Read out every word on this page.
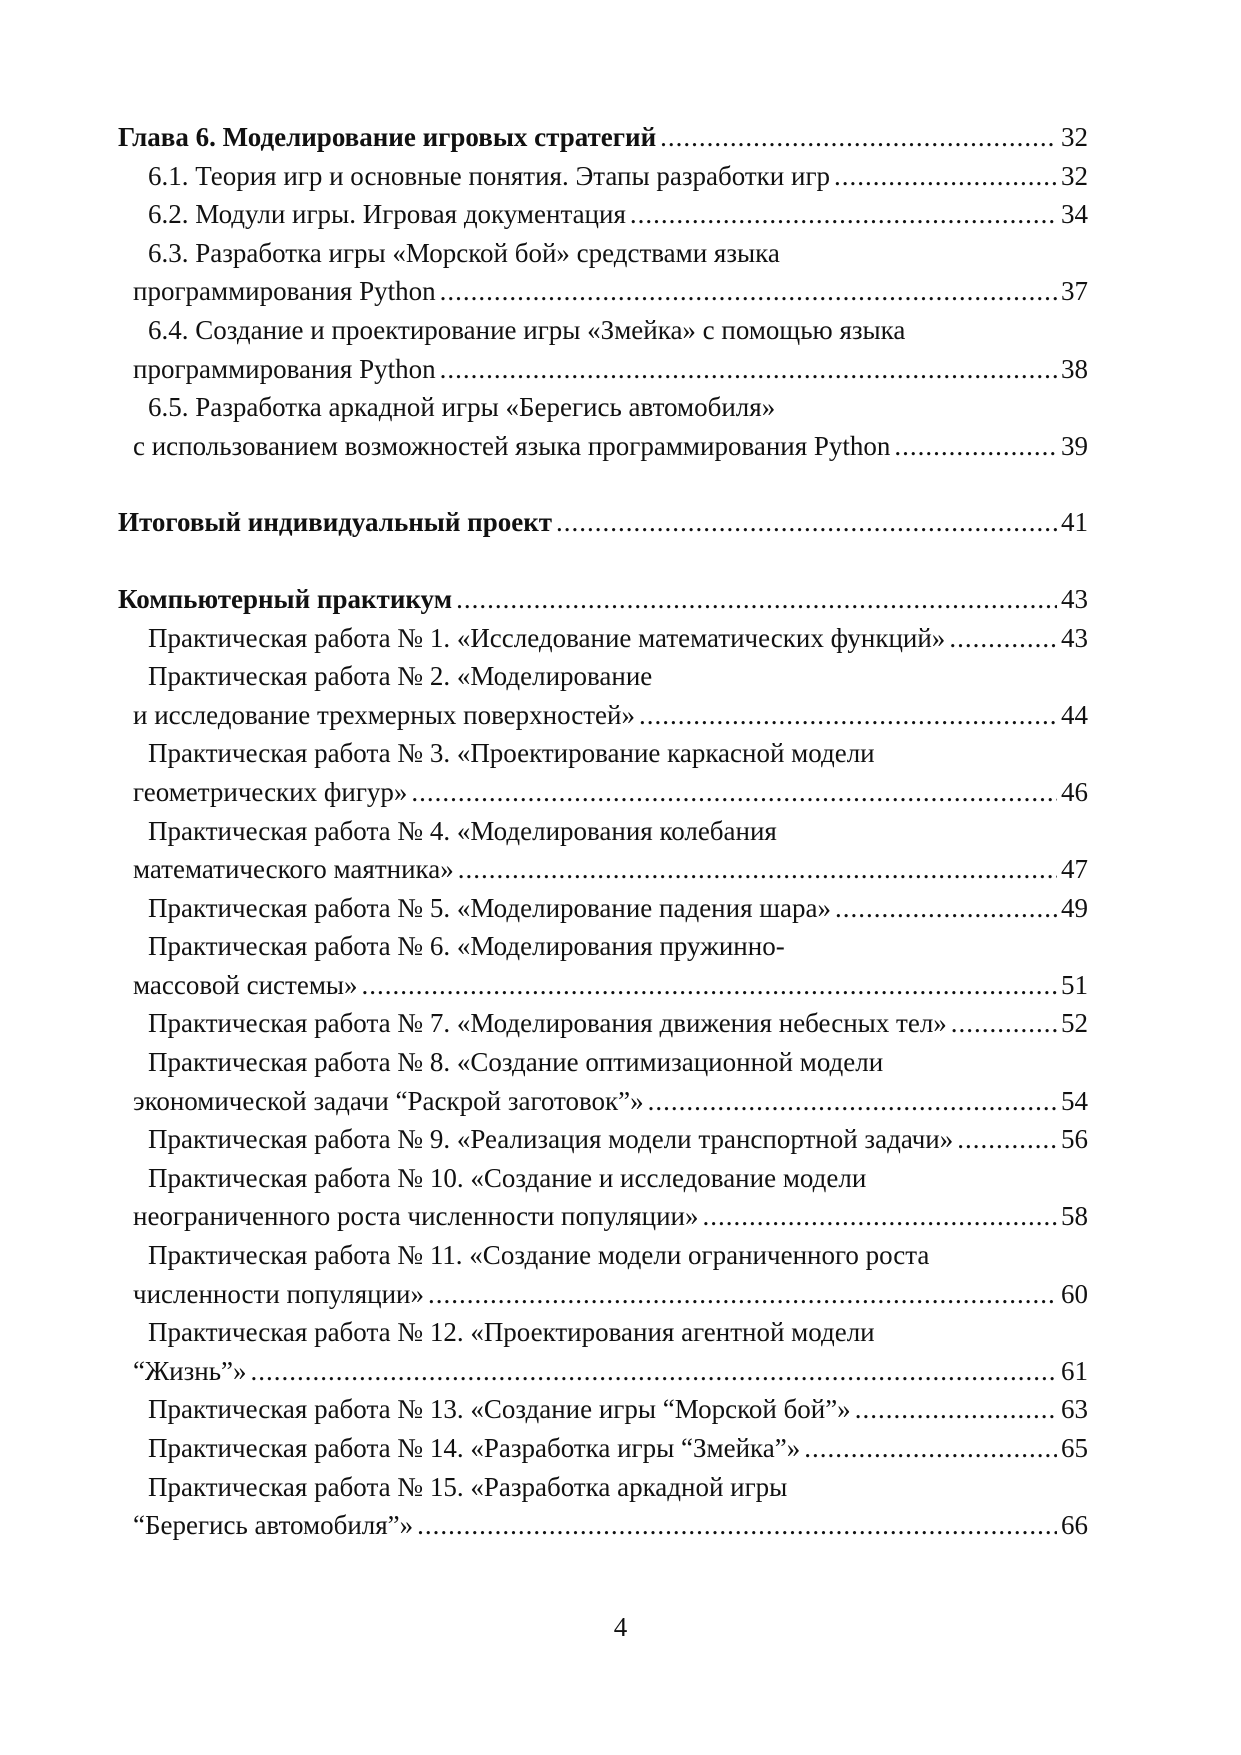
Глава 6. Моделирование игровых стратегий .....	32
6.1. Теория игр и основные понятия. Этапы разработки игр .....	32
6.2. Модули игры. Игровая документация .....	34
6.3. Разработка игры «Морской бой» средствами языка
программирования Python .....	37
6.4. Создание и проектирование игры «Змейка» с помощью языка
программирования Python .....	38
6.5. Разработка аркадной игры «Берегись автомобиля»
с использованием возможностей языка программирования Python .....	39
Итоговый индивидуальный проект .....	41
Компьютерный практикум .....	43
Практическая работа № 1. «Исследование математических функций» .....	43
Практическая работа № 2. «Моделирование
и исследование трехмерных поверхностей» .....	44
Практическая работа № 3. «Проектирование каркасной модели
геометрических фигур» .....	46
Практическая работа № 4. «Моделирования колебания
математического маятника» .....	47
Практическая работа № 5. «Моделирование падения шара» .....	49
Практическая работа № 6. «Моделирования пружинно-
массовой системы» .....	51
Практическая работа № 7. «Моделирования движения небесных тел» .....	52
Практическая работа № 8. «Создание оптимизационной модели
экономической задачи “Раскрой заготовок”» .....	54
Практическая работа № 9. «Реализация модели транспортной задачи» .....	56
Практическая работа № 10. «Создание и исследование модели
неограниченного роста численности популяции» .....	58
Практическая работа № 11. «Создание модели ограниченного роста
численности популяции» .....	60
Практическая работа № 12. «Проектирования агентной модели
“Жизнь”» .....	61
Практическая работа № 13. «Создание игры “Морской бой”» .....	63
Практическая работа № 14. «Разработка игры “Змейка”» .....	65
Практическая работа № 15. «Разработка аркадной игры
“Берегись автомобиля”» .....	66
4
